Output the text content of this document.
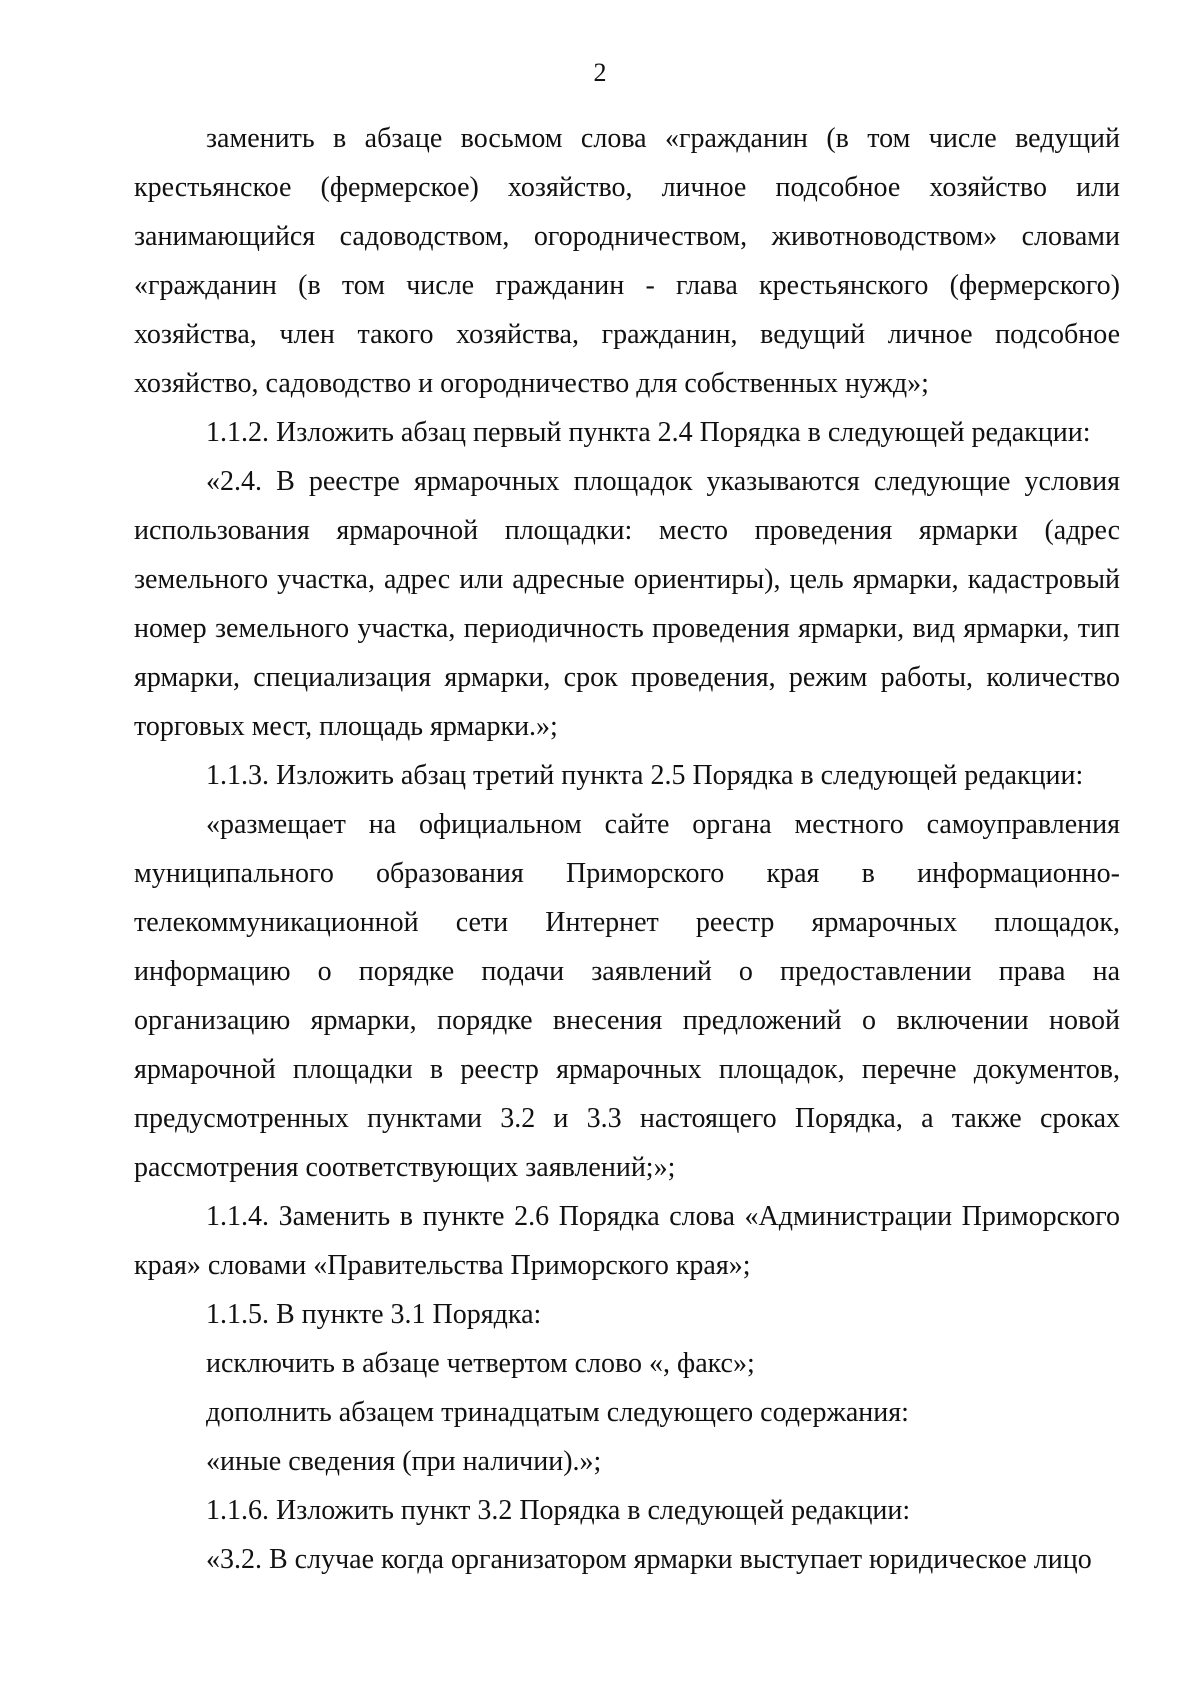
2

заменить в абзаце восьмом слова «гражданин (в том числе ведущий крестьянское (фермерское) хозяйство, личное подсобное хозяйство или занимающийся садоводством, огородничеством, животноводством» словами «гражданин (в том числе гражданин - глава крестьянского (фермерского) хозяйства, член такого хозяйства, гражданин, ведущий личное подсобное хозяйство, садоводство и огородничество для собственных нужд»;

1.1.2. Изложить абзац первый пункта 2.4 Порядка в следующей редакции:

«2.4. В реестре ярмарочных площадок указываются следующие условия использования ярмарочной площадки: место проведения ярмарки (адрес земельного участка, адрес или адресные ориентиры), цель ярмарки, кадастровый номер земельного участка, периодичность проведения ярмарки, вид ярмарки, тип ярмарки, специализация ярмарки, срок проведения, режим работы, количество торговых мест, площадь ярмарки.»;

1.1.3. Изложить абзац третий пункта 2.5 Порядка в следующей редакции:

«размещает на официальном сайте органа местного самоуправления муниципального образования Приморского края в информационно-телекоммуникационной сети Интернет реестр ярмарочных площадок, информацию о порядке подачи заявлений о предоставлении права на организацию ярмарки, порядке внесения предложений о включении новой ярмарочной площадки в реестр ярмарочных площадок, перечне документов, предусмотренных пунктами 3.2 и 3.3 настоящего Порядка, а также сроках рассмотрения соответствующих заявлений;»;

1.1.4. Заменить в пункте 2.6 Порядка слова «Администрации Приморского края» словами «Правительства Приморского края»;

1.1.5. В пункте 3.1 Порядка:

исключить в абзаце четвертом слово «, факс»;

дополнить абзацем тринадцатым следующего содержания:

«иные сведения (при наличии).»;

1.1.6. Изложить пункт 3.2 Порядка в следующей редакции:

«3.2. В случае когда организатором ярмарки выступает юридическое лицо
